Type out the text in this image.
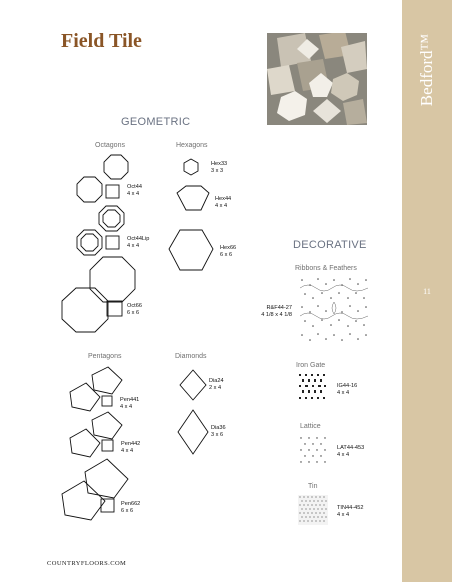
Field Tile	Bedford™
11
GEOMETRIC
DECORATIVE
Octagons	Hexagons
Pentagons	Diamonds
Ribbons & Feathers
Iron Gate
Lattice
Tin
Oct44
4 x 4
Oct44Lip
4 x 4
Oct66
6 x 6
Hex33
3 x 3
Hex44
4 x 4
Hex66
6 x 6
Pen441
4 x 4
Pen442
4 x 4
Pen662
6 x 6
Dia24
2 x 4
Dia36
3 x 6
R&F44-27
4 1/8 x 4 1/8
IG44-16
4 x 4
LAT44-453
4 x 4
TIN44-452
4 x 4
COUNTRYFLOORS.COM
